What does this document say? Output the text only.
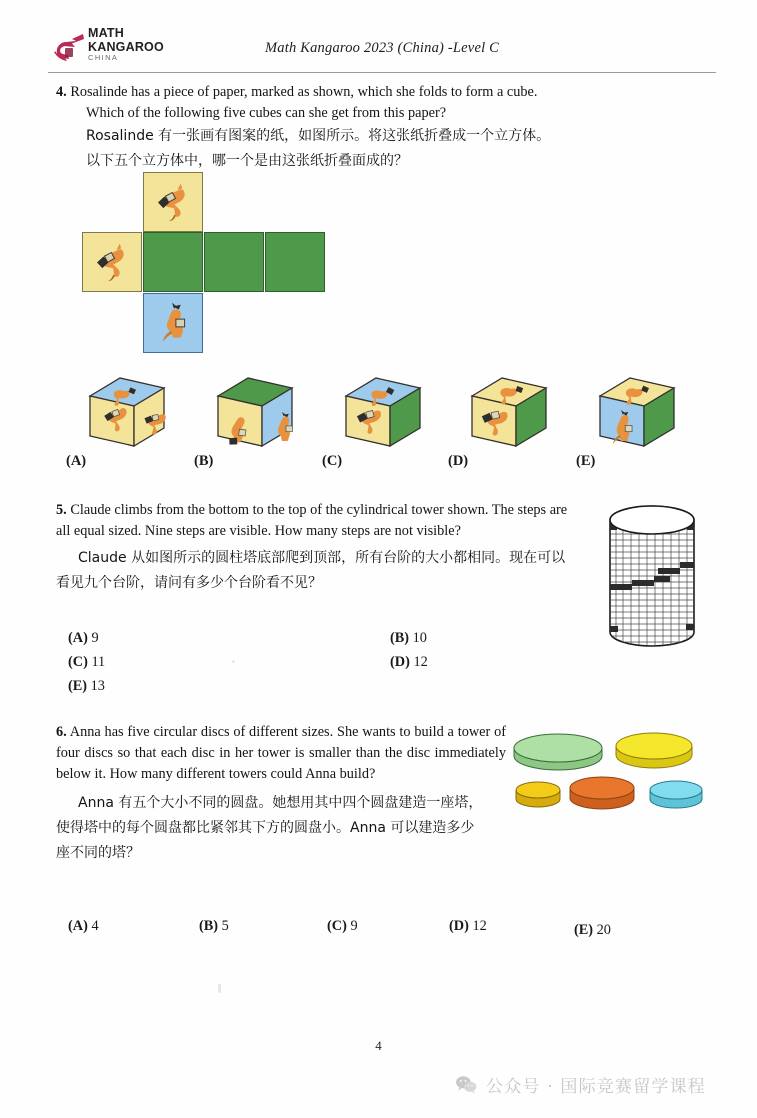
MATH
KANGAROO
CHINA
Math Kangaroo 2023 (China) -Level C
4. Rosalinde has a piece of paper, marked as shown, which she folds to form a cube.
Which of the following five cubes can she get from this paper?
Rosalinde 有一张画有图案的纸，如图所示。将这张纸折叠成一个立方体。
以下五个立方体中，哪一个是由这张纸折叠面成的？
(A)	(B)	(C)	(D)	(E)
5. Claude climbs from the bottom to the top of the cylindrical tower shown. The steps are all equal sized. Nine steps are visible. How many steps are not visible?
Claude 从如图所示的圆柱塔底部爬到顶部，所有台阶的大小都相同。现在可以
看见九个台阶，请问有多少个台阶看不见？
(A) 9	(B) 10
(C) 11	(D) 12
(E) 13
6. Anna has five circular discs of different sizes. She wants to build a tower of four discs so that each disc in her tower is smaller than the disc immediately below it. How many different towers could Anna build?
Anna 有五个大小不同的圆盘。她想用其中四个圆盘建造一座塔，
使得塔中的每个圆盘都比紧邻其下方的圆盘小。Anna 可以建造多少
座不同的塔？
(A) 4	(B) 5	(C) 9	(D) 12	(E) 20
4
公众号 · 国际竞赛留学课程
